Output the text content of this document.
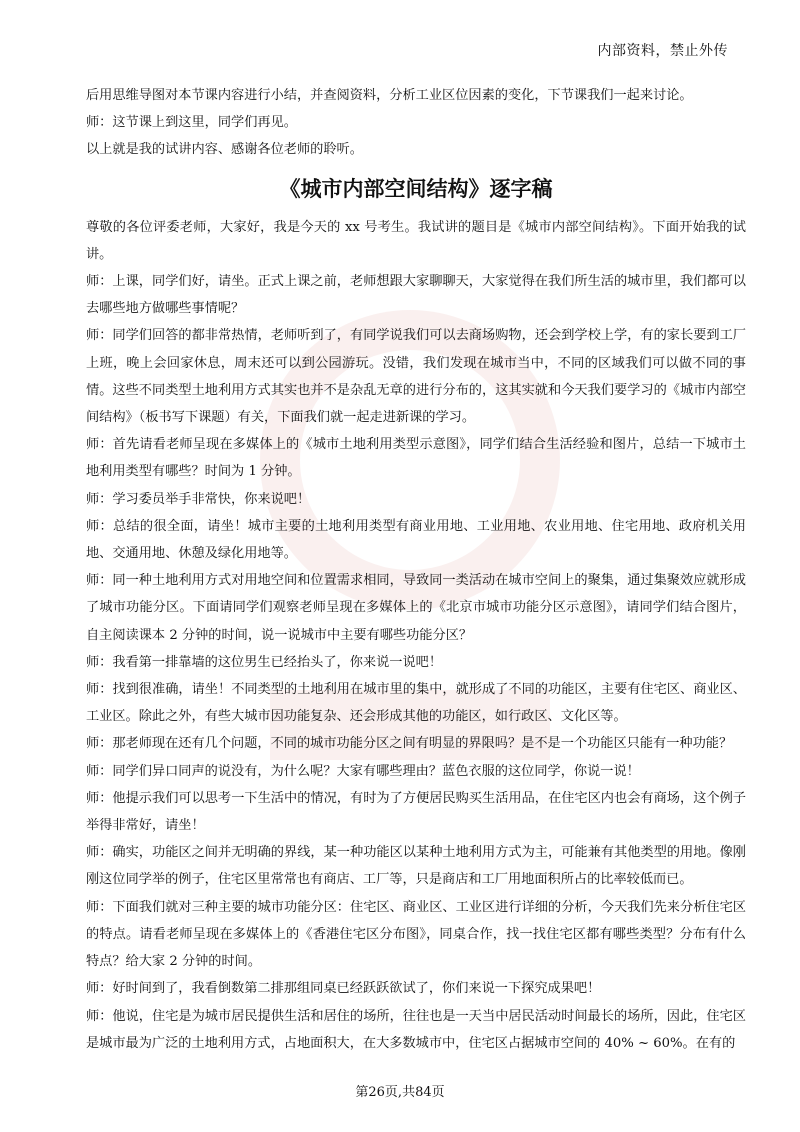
内部资料，禁止外传

后用思维导图对本节课内容进行小结，并查阅资料，分析工业区位因素的变化，下节课我们一起来讨论。

师：这节课上到这里，同学们再见。

以上就是我的试讲内容、感谢各位老师的聆听。

《城市内部空间结构》逐字稿

尊敬的各位评委老师，大家好，我是今天的 xx 号考生。我试讲的题目是《城市内部空间结构》。下面开始我的试讲。

师：上课，同学们好，请坐。正式上课之前，老师想跟大家聊聊天，大家觉得在我们所生活的城市里，我们都可以去哪些地方做哪些事情呢？

师：同学们回答的都非常热情，老师听到了，有同学说我们可以去商场购物，还会到学校上学，有的家长要到工厂上班，晚上会回家休息，周末还可以到公园游玩。没错，我们发现在城市当中，不同的区域我们可以做不同的事情。这些不同类型土地利用方式其实也并不是杂乱无章的进行分布的，这其实就和今天我们要学习的《城市内部空间结构》（板书写下课题）有关，下面我们就一起走进新课的学习。

师：首先请看老师呈现在多媒体上的《城市土地利用类型示意图》，同学们结合生活经验和图片，总结一下城市土地利用类型有哪些？时间为 1 分钟。

师：学习委员举手非常快，你来说吧！

师：总结的很全面，请坐！城市主要的土地利用类型有商业用地、工业用地、农业用地、住宅用地、政府机关用地、交通用地、休憩及绿化用地等。

师：同一种土地利用方式对用地空间和位置需求相同，导致同一类活动在城市空间上的聚集，通过集聚效应就形成了城市功能分区。下面请同学们观察老师呈现在多媒体上的《北京市城市功能分区示意图》，请同学们结合图片，自主阅读课本 2 分钟的时间，说一说城市中主要有哪些功能分区？

师：我看第一排靠墙的这位男生已经抬头了，你来说一说吧！

师：找到很准确，请坐！不同类型的土地利用在城市里的集中，就形成了不同的功能区，主要有住宅区、商业区、工业区。除此之外，有些大城市因功能复杂、还会形成其他的功能区，如行政区、文化区等。

师：那老师现在还有几个问题，不同的城市功能分区之间有明显的界限吗？是不是一个功能区只能有一种功能？

师：同学们异口同声的说没有，为什么呢？大家有哪些理由？蓝色衣服的这位同学，你说一说！

师：他提示我们可以思考一下生活中的情况，有时为了方便居民购买生活用品，在住宅区内也会有商场，这个例子举得非常好，请坐！

师：确实，功能区之间并无明确的界线，某一种功能区以某种土地利用方式为主，可能兼有其他类型的用地。像刚刚这位同学举的例子，住宅区里常常也有商店、工厂等，只是商店和工厂用地面积所占的比率较低而已。

师：下面我们就对三种主要的城市功能分区：住宅区、商业区、工业区进行详细的分析，今天我们先来分析住宅区的特点。请看老师呈现在多媒体上的《香港住宅区分布图》，同桌合作，找一找住宅区都有哪些类型？分布有什么特点？给大家 2 分钟的时间。

师：好时间到了，我看倒数第二排那组同桌已经跃跃欲试了，你们来说一下探究成果吧！

师：他说，住宅是为城市居民提供生活和居住的场所，往往也是一天当中居民活动时间最长的场所，因此，住宅区是城市最为广泛的土地利用方式，占地面积大，在大多数城市中，住宅区占据城市空间的 40% ~ 60%。在有的

第26页,共84页
